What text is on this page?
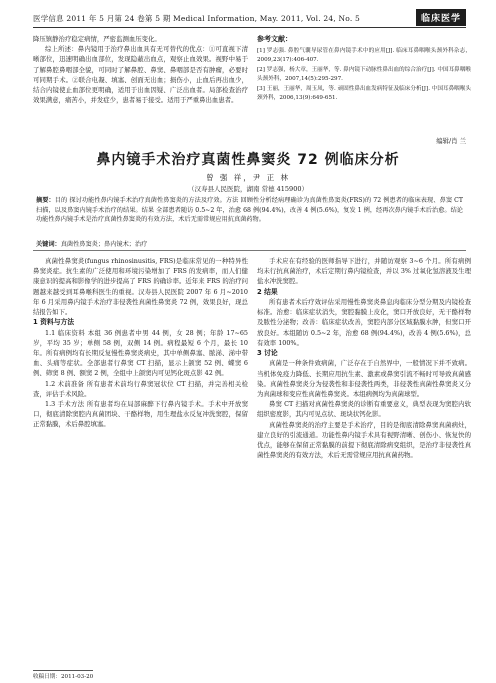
医学信息 2011 年 5 月第 24 卷第 5 期 Medical Information, May. 2011, Vol. 24, No. 5	临床医学

降压镇静治疗稳定病情，严密监测血压变化。

综上所述：鼻内镜用于治疗鼻出血具有无可替代的优点：①可直视下清晰部位，迅速明确出血部位，发现隐蔽出血点，观察止血效果。视野中易于了解鼻腔鼻咽部全貌，可同时了解鼻腔、鼻窦、鼻咽部是否有肿瘤，必要时可同期手术。②联合电凝、填塞、创面无出血；损伤小，止血后再出血少，结合内镜使止血部位更明确，适用于出血因疑、广泛出血者。局部检查治疗效果满意，痛苦小，并发症少，患者易于接受。适用于严重鼻出血患者。

参考文献：
[1] 罗志强. 鼻腔气囊导尿管在鼻内镜手术中的应用[J]. 临床耳鼻咽喉头颈外科杂志，2009,23(17):406-407.
[2] 罗志强，杨大章，王丽华，等. 鼻内镜下动脉性鼻出血的综合治疗[J]. 中国耳鼻咽喉头颈外科，2007,14(5):295-297.
[3] 王丽，王丽华，周玉凤，等. 顽固性鼻出血发病特征及临床分析[J]. 中国耳鼻咽喉头颈外科，2006,13(9):649-651.
编辑/肖 兰
鼻内镜手术治疗真菌性鼻窦炎 72 例临床分析
曾 强 祥，尹 正 林
（汉寿县人民医院，湖南 常德 415900）
摘要：目的 探讨功能性鼻内镜手术治疗真菌性鼻窦炎的方法及疗效。方法 回顾性分析经病理确诊为真菌性鼻窦炎(FRS)的 72 例患者的临床表现、鼻窦 CT 扫描，以及鼻窦内镜手术治疗的结果。结果 全部患者随访 0.5~2 年，治愈 68 例(94.4%)，改善 4 例(5.6%)，复发 1 例，经再次鼻内镜手术后治愈。结论 功能性鼻内镜手术是治疗真菌性鼻窦炎的有效方法，术后无需常规应用抗真菌药物。
关键词：真菌性鼻窦炎；鼻内镜术；治疗

真菌性鼻窦炎(fungus rhinosinusitis, FRS)是临床常见的一种特异性鼻窦炎症。抗生素的广泛使用和环境污染增加了 FRS 的发病率，而人们健康意识的提高和影像学的进步提高了 FRS 的确诊率。近年来 FRS 的治疗问题越来越受到耳鼻喉科医生的重视。汉寿县人民医院 2007 年 6 月~2010 年 6 月采用鼻内镜手术治疗非侵袭性真菌性鼻窦炎 72 例，效果良好，现总结报告如下。

1 资料与方法

1.1 临床资料 本组 36 例患者中男 44 例，女 28 例；年龄 17~65 岁，平均 35 岁；单侧 58 例，双侧 14 例。病程最短 6 个月，最长 10 年。所有病例均有长期反复慢性鼻窦炎病史，其中单侧鼻塞、脓涕、涕中带血、头痛等症状。全部患者行鼻窦 CT 扫描，显示上颌窦 52 例、蝶窦 6 例、筛窦 8 例、额窦 2 例，全组中上颌窦内可见钙化斑点影 42 例。

1.2 术前准备 所有患者术前均行鼻窦冠状位 CT 扫描，并完善相关检查，评估手术风险。

1.3 手术方法 所有患者均在局部麻醉下行鼻内镜手术。手术中开放窦口，彻底清除窦腔内真菌团块、干酪样物，用生理盐水反复冲洗窦腔，保留正常黏膜，术后鼻腔填塞。

手术应在有经验的医师指导下进行，并随访观察 3~6 个月。所有病例均未行抗真菌治疗，术后定期行鼻内镜检查，并以 3% 过氧化氢溶液及生理盐水冲洗窦腔。

2 结果

所有患者术后疗效评估采用慢性鼻窦炎鼻息肉临床分型分期及内镜检查标准。治愈：临床症状消失，窦腔黏膜上皮化，窦口开放良好，无干酪样物及脓性分泌物；改善：临床症状改善，窦腔内部分区域黏膜水肿，但窦口开放良好。本组随访 0.5~2 年，治愈 68 例(94.4%)，改善 4 例(5.6%)，总有效率 100%。

3 讨论

真菌是一种条件致病菌，广泛存在于自然界中，一般情况下并不致病。当机体免疫力降低、长期应用抗生素、激素或鼻窦引流不畅时可导致真菌感染。真菌性鼻窦炎分为侵袭性和非侵袭性两类，非侵袭性真菌性鼻窦炎又分为真菌球和变应性真菌性鼻窦炎。本组病例均为真菌球型。

鼻窦 CT 扫描对真菌性鼻窦炎的诊断有重要意义，典型表现为窦腔内软组织密度影，其内可见点状、斑块状钙化影。

真菌性鼻窦炎的治疗主要是手术治疗，目的是彻底清除鼻窦真菌病灶，建立良好的引流通道。功能性鼻内镜手术具有视野清晰、创伤小、恢复快的优点，能够在保留正常黏膜的前提下彻底清除病变组织，是治疗非侵袭性真菌性鼻窦炎的有效方法，术后无需常规应用抗真菌药物。

收稿日期：2011-03-20
